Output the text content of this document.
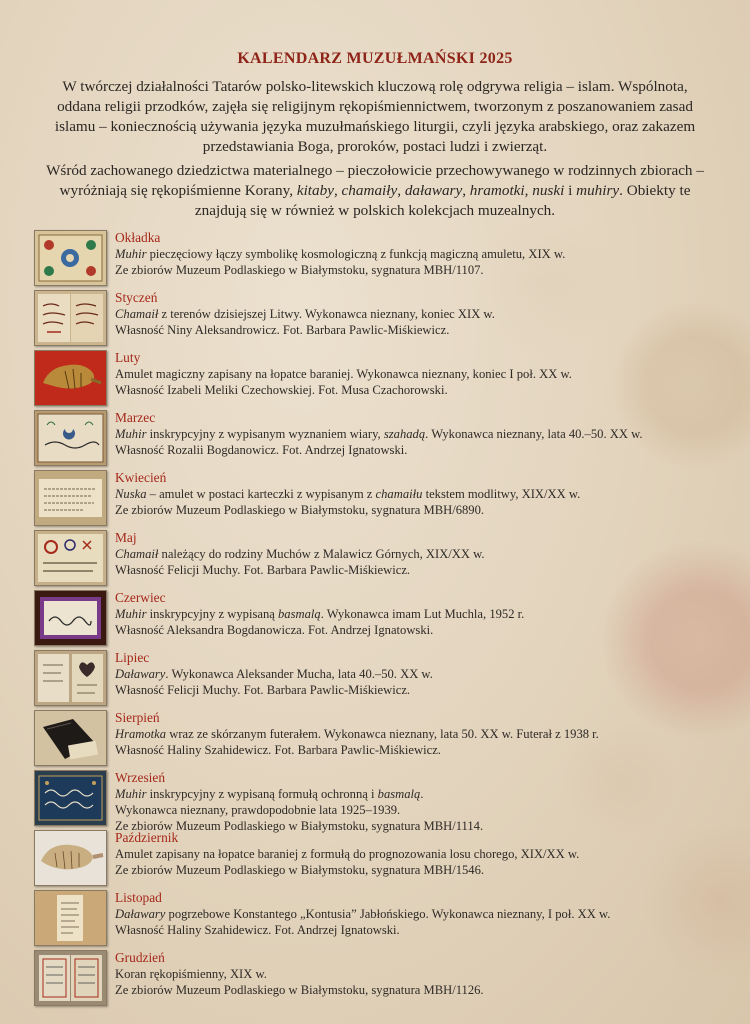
KALENDARZ MUZUŁMAŃSKI 2025

W twórczej działalności Tatarów polsko-litewskich kluczową rolę odgrywa religia – islam. Wspólnota, oddana religii przodków, zajęła się religijnym rękopiśmiennictwem, tworzonym z poszanowaniem zasad islamu – koniecznością używania języka muzułmańskiego liturgii, czyli języka arabskiego, oraz zakazem przedstawiania Boga, proroków, postaci ludzi i zwierząt.

Wśród zachowanego dziedzictwa materialnego – pieczołowicie przechowywanego w rodzinnych zbiorach – wyróżniają się rękopiśmienne Korany, kitaby, chamaiły, daławary, hramotki, nuski i muhiry. Obiekty te znajdują się w również w polskich kolekcjach muzealnych.

Okładka
Muhir pieczęciowy łączy symbolikę kosmologiczną z funkcją magiczną amuletu, XIX w.
Ze zbiorów Muzeum Podlaskiego w Białymstoku, sygnatura MBH/1107.
Styczeń
Chamaił z terenów dzisiejszej Litwy. Wykonawca nieznany, koniec XIX w.
Własność Niny Aleksandrowicz. Fot. Barbara Pawlic-Miśkiewicz.
Luty
Amulet magiczny zapisany na łopatce baraniej. Wykonawca nieznany, koniec I poł. XX w.
Własność Izabeli Meliki Czechowskiej. Fot. Musa Czachorowski.
Marzec
Muhir inskrypcyjny z wypisanym wyznaniem wiary, szahadą. Wykonawca nieznany, lata 40.–50. XX w.
Własność Rozalii Bogdanowicz. Fot. Andrzej Ignatowski.
Kwiecień
Nuska – amulet w postaci karteczki z wypisanym z chamaiłu tekstem modlitwy, XIX/XX w.
Ze zbiorów Muzeum Podlaskiego w Białymstoku, sygnatura MBH/6890.
Maj
Chamaił należący do rodziny Muchów z Malawicz Górnych, XIX/XX w.
Własność Felicji Muchy. Fot. Barbara Pawlic-Miśkiewicz.
Czerwiec
Muhir inskrypcyjny z wypisaną basmalą. Wykonawca imam Lut Muchla, 1952 r.
Własność Aleksandra Bogdanowicza. Fot. Andrzej Ignatowski.
Lipiec
Daławary. Wykonawca Aleksander Mucha, lata 40.–50. XX w.
Własność Felicji Muchy. Fot. Barbara Pawlic-Miśkiewicz.
Sierpień
Hramotka wraz ze skórzanym futerałem. Wykonawca nieznany, lata 50. XX w. Futerał z 1938 r.
Własność Haliny Szahidewicz. Fot. Barbara Pawlic-Miśkiewicz.
Wrzesień
Muhir inskrypcyjny z wypisaną formułą ochronną i basmalą.
Wykonawca nieznany, prawdopodobnie lata 1925–1939.
Ze zbiorów Muzeum Podlaskiego w Białymstoku, sygnatura MBH/1114.
Październik
Amulet zapisany na łopatce baraniej z formułą do prognozowania losu chorego, XIX/XX w.
Ze zbiorów Muzeum Podlaskiego w Białymstoku, sygnatura MBH/1546.
Listopad
Daławary pogrzebowe Konstantego „Kontusia” Jabłońskiego. Wykonawca nieznany, I poł. XX w.
Własność Haliny Szahidewicz. Fot. Andrzej Ignatowski.
Grudzień
Koran rękopiśmienny, XIX w.
Ze zbiorów Muzeum Podlaskiego w Białymstoku, sygnatura MBH/1126.
